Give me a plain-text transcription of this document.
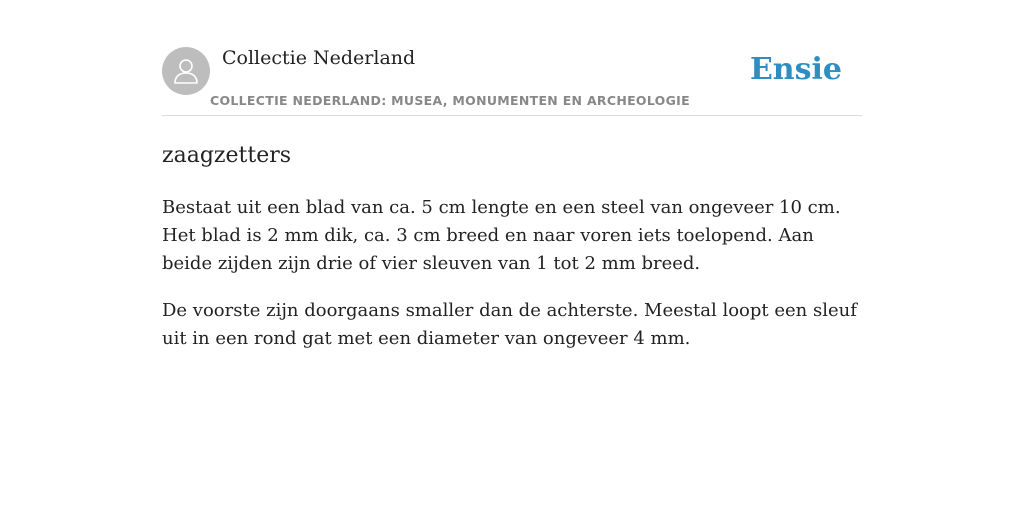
Collectie Nederland
COLLECTIE NEDERLAND: MUSEA, MONUMENTEN EN ARCHEOLOGIE
Ensie
zaagzetters

Bestaat uit een blad van ca. 5 cm lengte en een steel van ongeveer 10 cm. Het blad is 2 mm dik, ca. 3 cm breed en naar voren iets toelopend. Aan beide zijden zijn drie of vier sleuven van 1 tot 2 mm breed.

De voorste zijn doorgaans smaller dan de achterste. Meestal loopt een sleuf uit in een rond gat met een diameter van ongeveer 4 mm.
